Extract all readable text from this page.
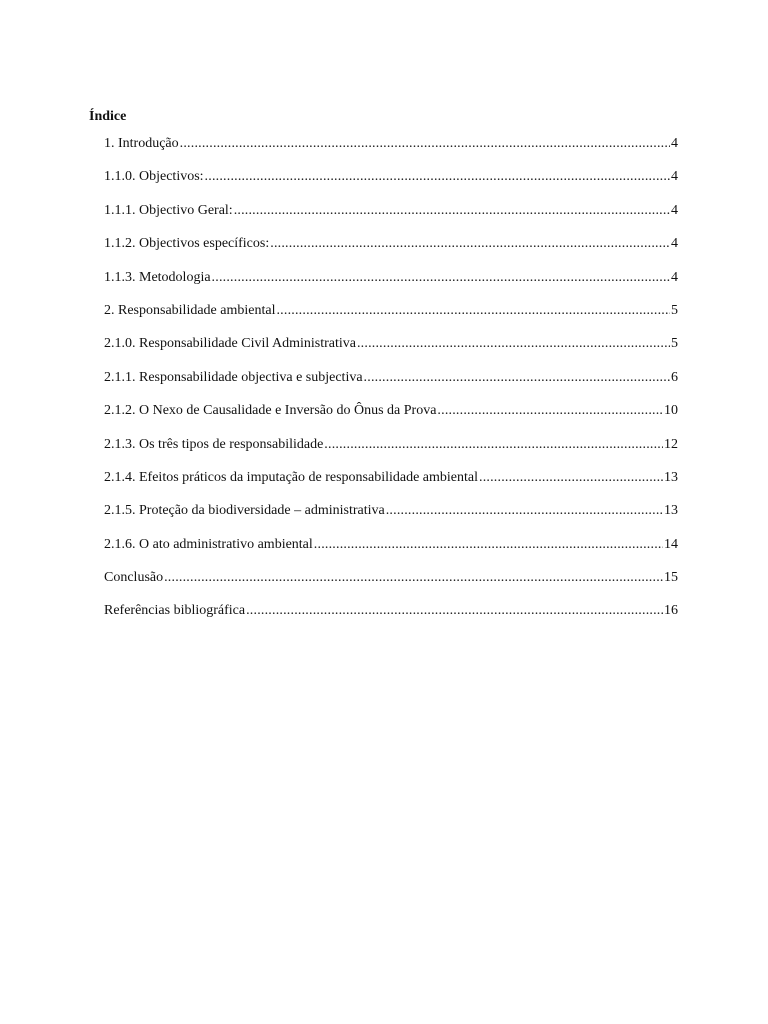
Índice
1. Introdução .....	4
1.1.0. Objectivos: .....	4
1.1.1. Objectivo Geral: .....	4
1.1.2. Objectivos específicos: .....	4
1.1.3. Metodologia .....	4
2. Responsabilidade ambiental .....	5
2.1.0. Responsabilidade Civil Administrativa .....	5
2.1.1. Responsabilidade objectiva e subjectiva .....	6
2.1.2. O Nexo de Causalidade e Inversão do Ônus da Prova .....	10
2.1.3. Os três tipos de responsabilidade .....	12
2.1.4. Efeitos práticos da imputação de responsabilidade ambiental .....	13
2.1.5. Proteção da biodiversidade – administrativa .....	13
2.1.6. O ato administrativo ambiental .....	14
Conclusão .....	15
Referências bibliográfica .....	16
